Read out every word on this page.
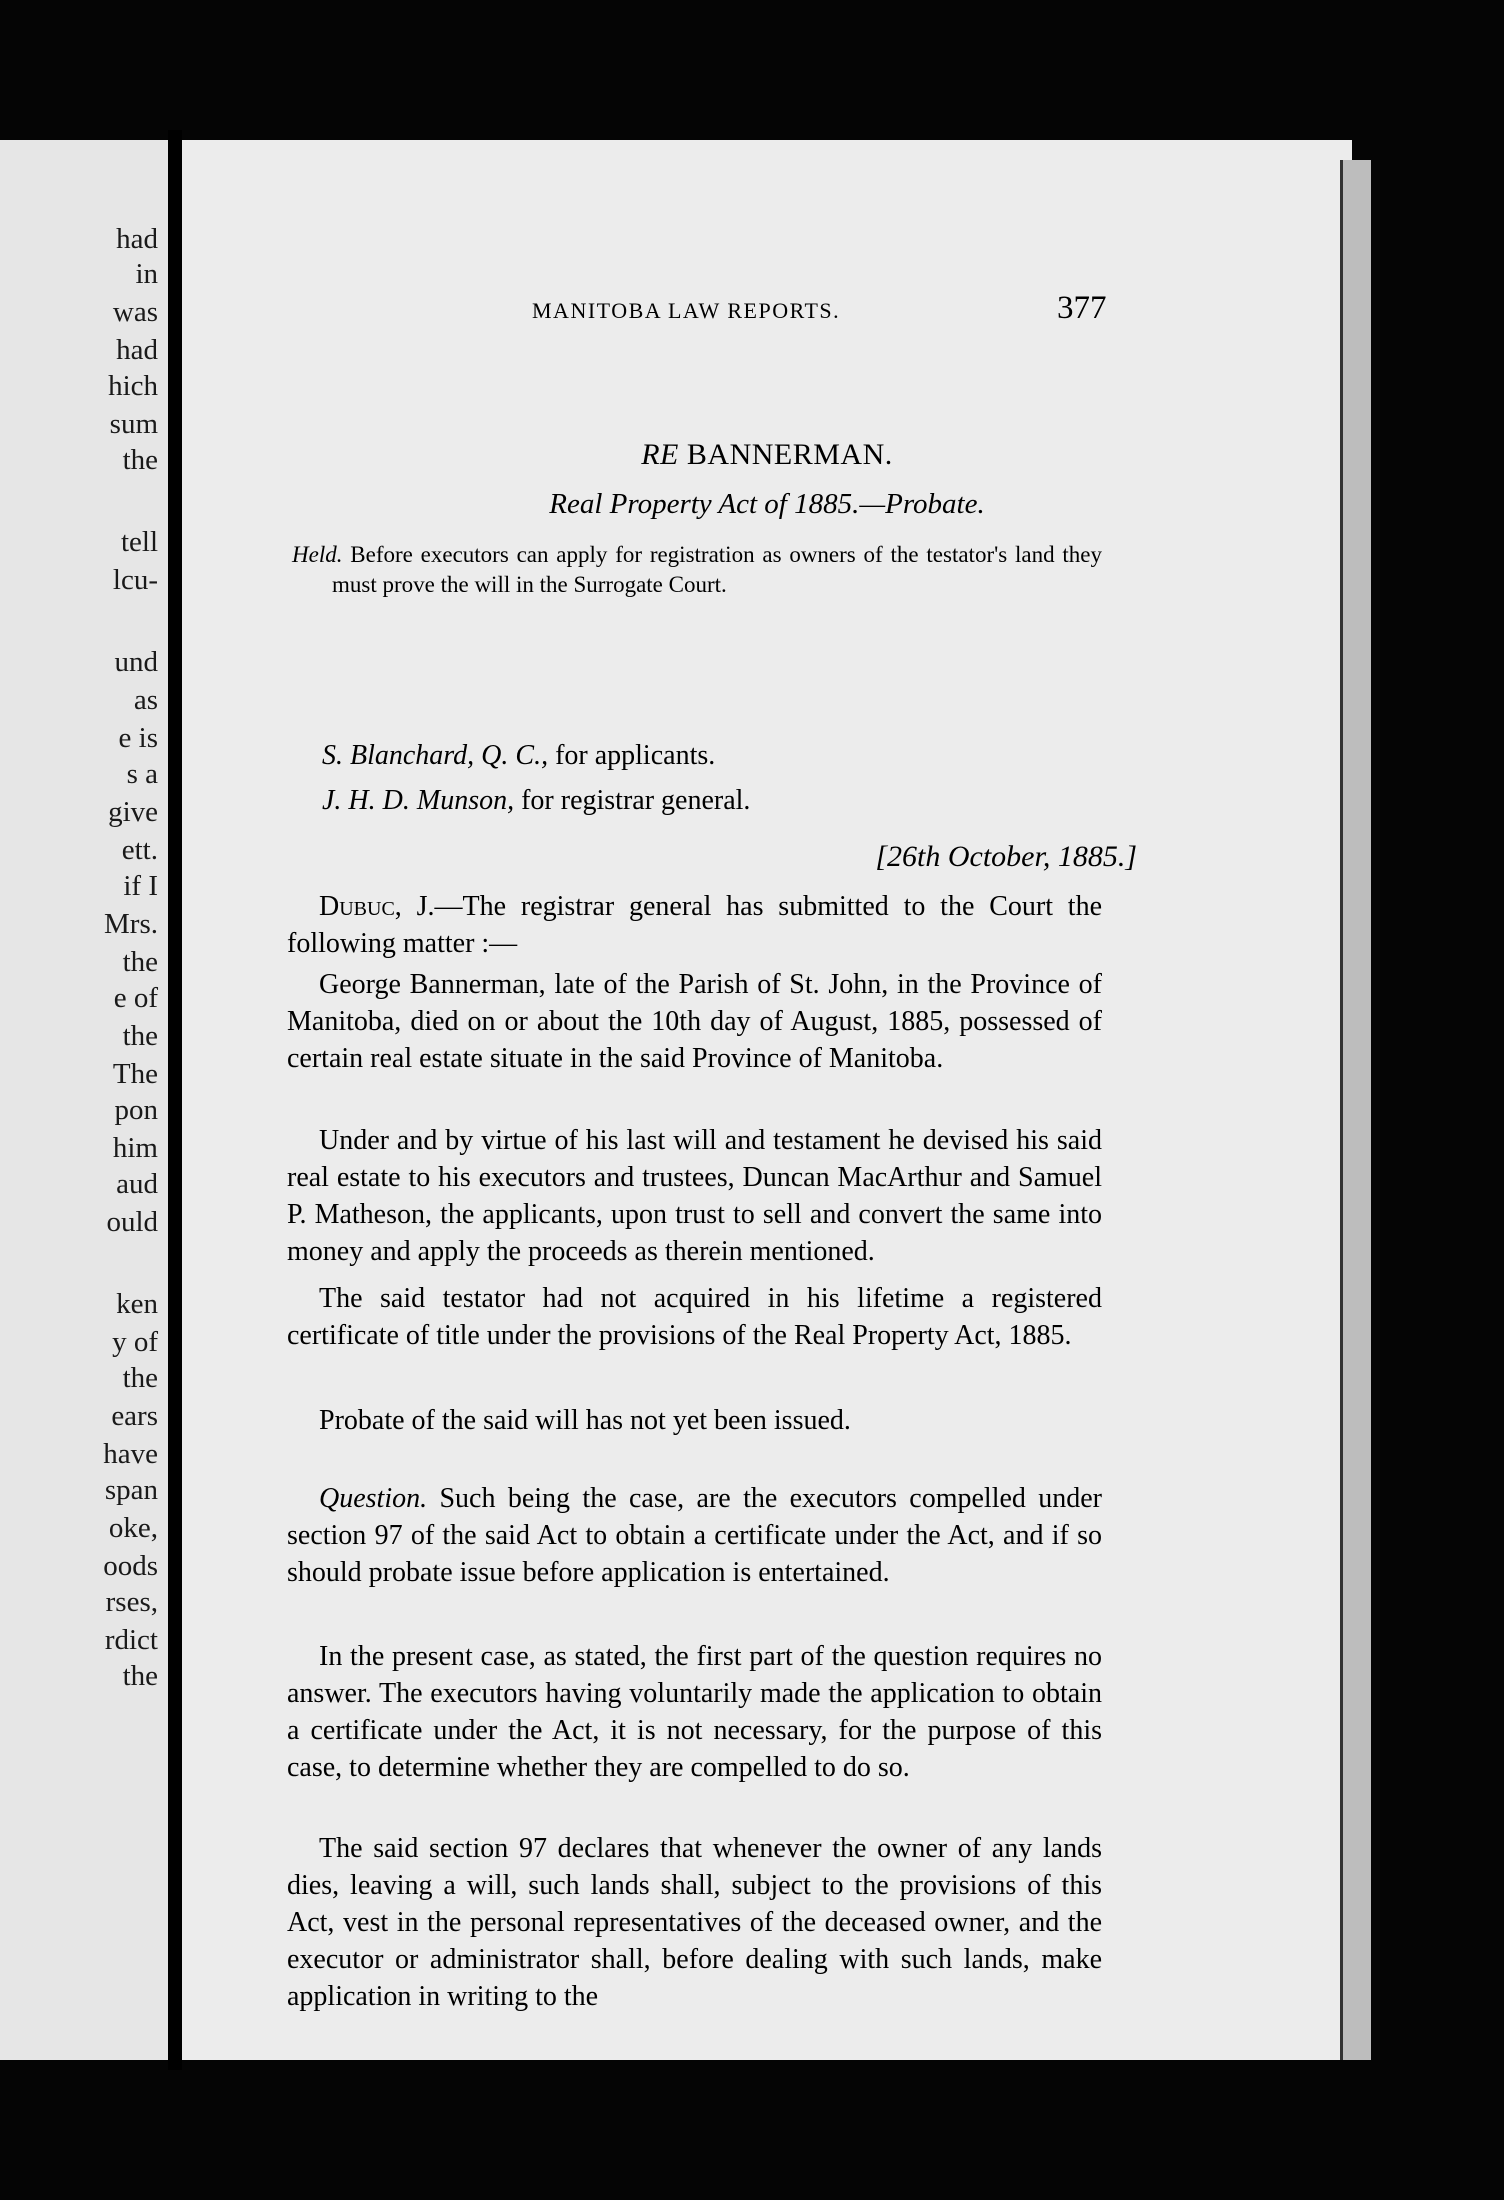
had
in
was
had
hich
sum
the
tell
lcu-
und
as
e is
s a
give
ett.
if I
Mrs.
the
e of
the
The
pon
him
aud
ould
ken
y of
the
ears
have
span
oke,
oods
rses,
rdict
the
MANITOBA LAW REPORTS.	377
RE BANNERMAN.
Real Property Act of 1885.—Probate.
Held. Before executors can apply for registration as owners of the testator's land they must prove the will in the Surrogate Court.
S. Blanchard, Q. C., for applicants.
J. H. D. Munson, for registrar general.
[26th October, 1885.]

Dubuc, J.—The registrar general has submitted to the Court the following matter :—

George Bannerman, late of the Parish of St. John, in the Province of Manitoba, died on or about the 10th day of August, 1885, possessed of certain real estate situate in the said Province of Manitoba.

Under and by virtue of his last will and testament he devised his said real estate to his executors and trustees, Duncan MacArthur and Samuel P. Matheson, the applicants, upon trust to sell and convert the same into money and apply the proceeds as therein mentioned.

The said testator had not acquired in his lifetime a registered certificate of title under the provisions of the Real Property Act, 1885.

Probate of the said will has not yet been issued.

Question. Such being the case, are the executors compelled under section 97 of the said Act to obtain a certificate under the Act, and if so should probate issue before application is entertained.

In the present case, as stated, the first part of the question requires no answer. The executors having voluntarily made the application to obtain a certificate under the Act, it is not necessary, for the purpose of this case, to determine whether they are compelled to do so.

The said section 97 declares that whenever the owner of any lands dies, leaving a will, such lands shall, subject to the provisions of this Act, vest in the personal representatives of the deceased owner, and the executor or administrator shall, before dealing with such lands, make application in writing to the
